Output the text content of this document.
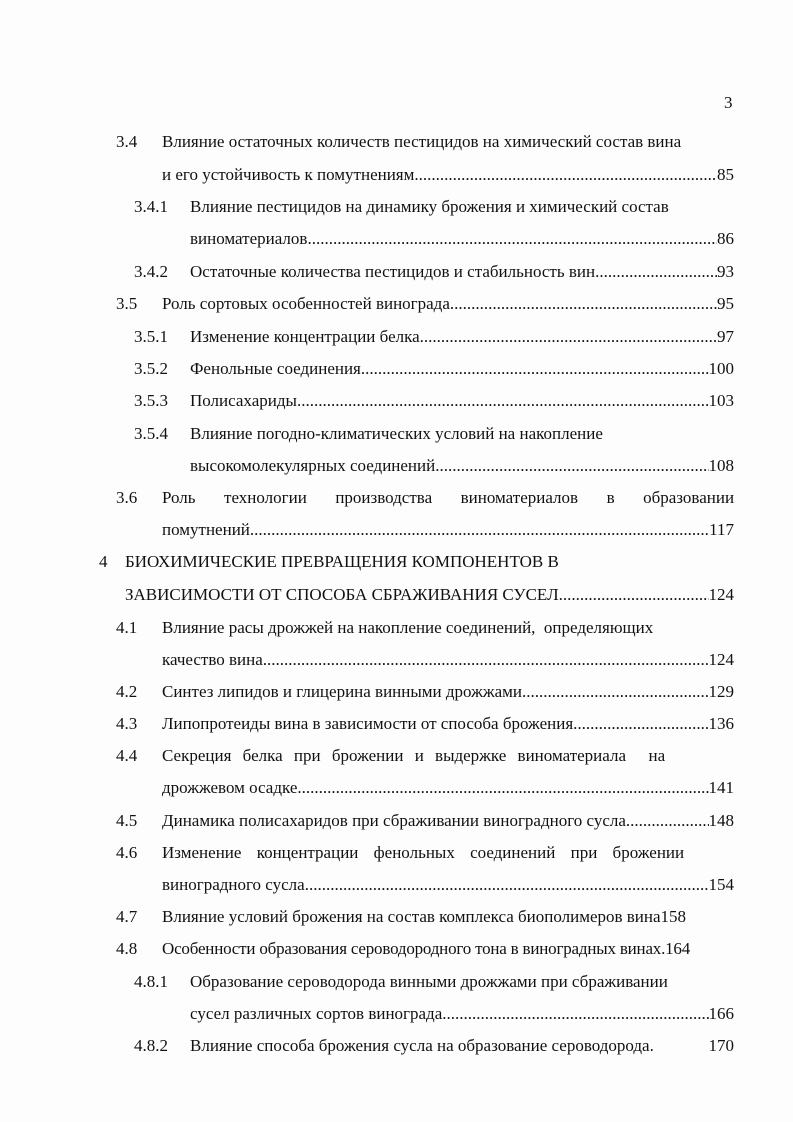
3
3.4 Влияние остаточных количеств пестицидов на химический состав вина
и его устойчивость к помутнениям .....	85
3.4.1 Влияние пестицидов на динамику брожения и химический состав
виноматериалов .....	86
3.4.2 Остаточные количества пестицидов и стабильность вин .....	93
3.5 Роль сортовых особенностей винограда .....	95
3.5.1 Изменение концентрации белка .....	97
3.5.2 Фенольные соединения .....	100
3.5.3 Полисахариды .....	103
3.5.4 Влияние погодно-климатических условий на накопление
высокомолекулярных соединений .....	108
3.6 Роль технологии производства виноматериалов в образовании
помутнений .....	117
4 БИОХИМИЧЕСКИЕ ПРЕВРАЩЕНИЯ КОМПОНЕНТОВ В
ЗАВИСИМОСТИ ОТ СПОСОБА СБРАЖИВАНИЯ СУСЕЛ .....	124
4.1 Влияние расы дрожжей на накопление соединений,  определяющих
качество вина .....	124
4.2 Синтез липидов и глицерина винными дрожжами .....	129
4.3 Липопротеиды вина в зависимости от способа брожения .....	136
4.4 Секреция белка при брожении и выдержке виноматериала  на
дрожжевом осадке .....	141
4.5 Динамика полисахаридов при сбраживании виноградного сусла .....	148
4.6 Изменение концентрации фенольных соединений при брожении
виноградного сусла .....	154
4.7 Влияние условий брожения на состав комплекса биополимеров вина158
4.8 Особенности образования сероводородного тона в виноградных винах.164
4.8.1 Образование сероводорода винными дрожжами при сбраживании
сусел различных сортов винограда .....	166
4.8.2 Влияние способа брожения сусла на образование сероводорода.	170
